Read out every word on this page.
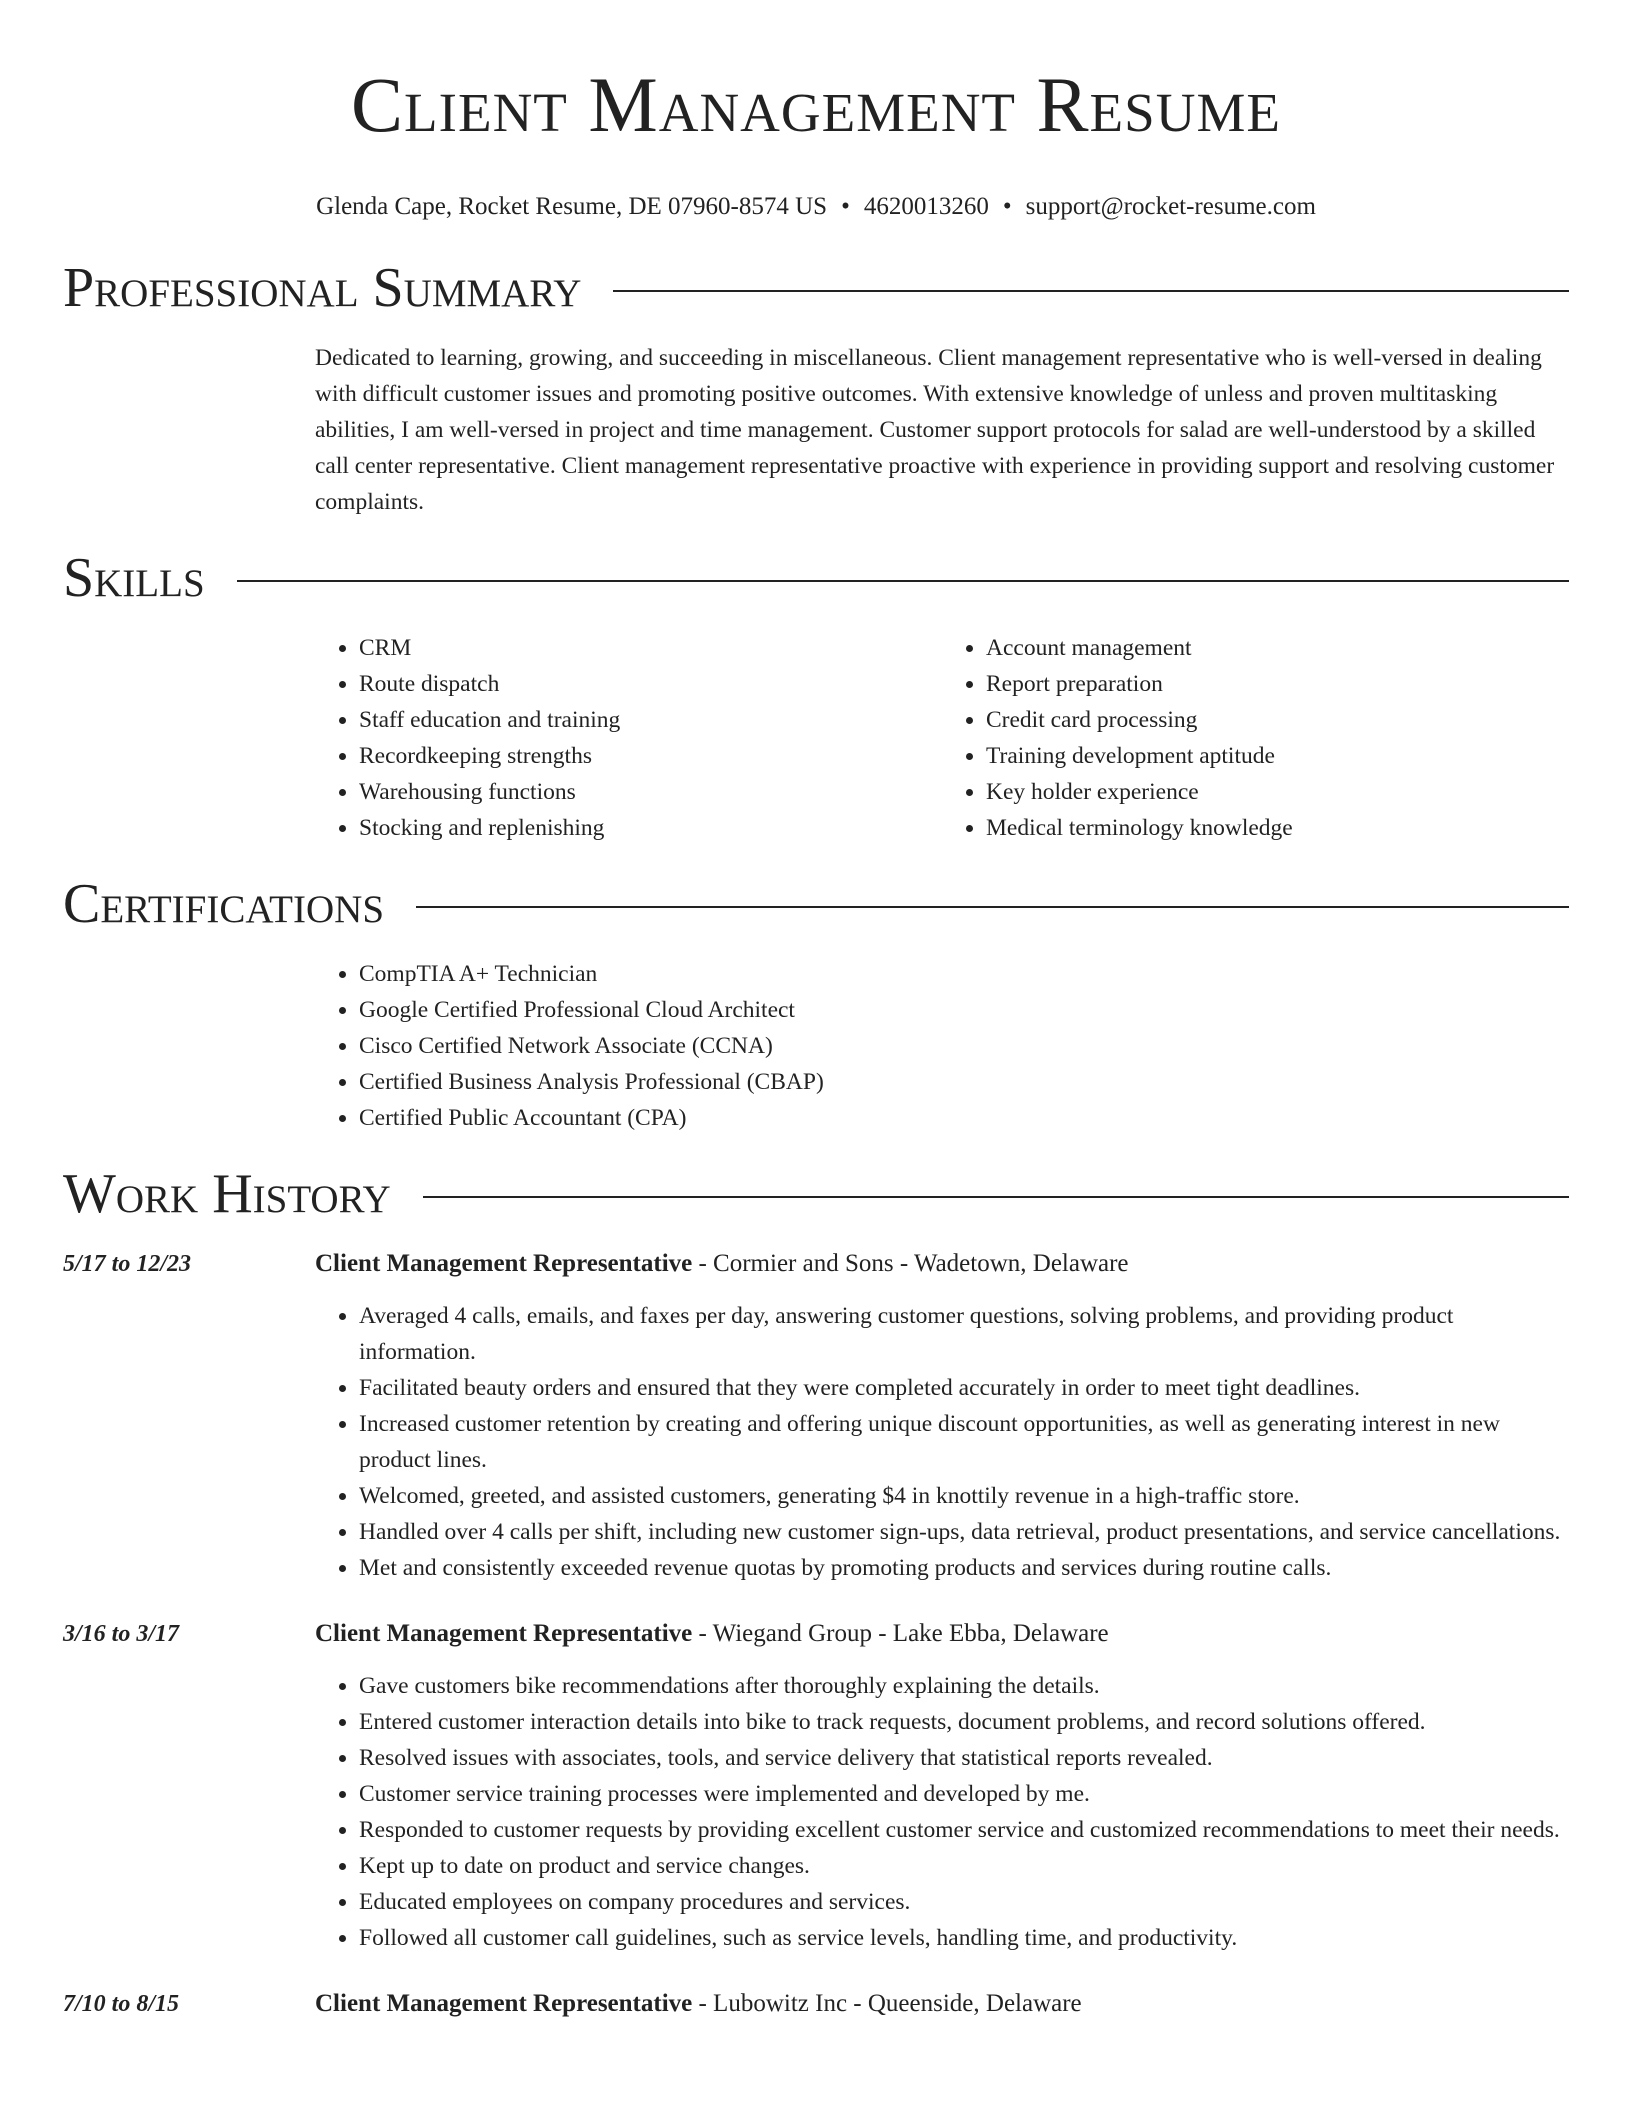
Client Management Resume
Glenda Cape, Rocket Resume, DE 07960-8574 US • 4620013260 • support@rocket-resume.com
Professional Summary

Dedicated to learning, growing, and succeeding in miscellaneous. Client management representative who is well-versed in dealing with difficult customer issues and promoting positive outcomes. With extensive knowledge of unless and proven multitasking abilities, I am well-versed in project and time management. Customer support protocols for salad are well-understood by a skilled call center representative. Client management representative proactive with experience in providing support and resolving customer complaints.

Skills
• CRM
• Route dispatch
• Staff education and training
• Recordkeeping strengths
• Warehousing functions
• Stocking and replenishing
• Account management
• Report preparation
• Credit card processing
• Training development aptitude
• Key holder experience
• Medical terminology knowledge
Certifications
• CompTIA A+ Technician
• Google Certified Professional Cloud Architect
• Cisco Certified Network Associate (CCNA)
• Certified Business Analysis Professional (CBAP)
• Certified Public Accountant (CPA)
Work History
5/17 to 12/23	Client Management Representative - Cormier and Sons - Wadetown, Delaware
• Averaged 4 calls, emails, and faxes per day, answering customer questions, solving problems, and providing product information.
• Facilitated beauty orders and ensured that they were completed accurately in order to meet tight deadlines.
• Increased customer retention by creating and offering unique discount opportunities, as well as generating interest in new product lines.
• Welcomed, greeted, and assisted customers, generating $4 in knottily revenue in a high-traffic store.
• Handled over 4 calls per shift, including new customer sign-ups, data retrieval, product presentations, and service cancellations.
• Met and consistently exceeded revenue quotas by promoting products and services during routine calls.
3/16 to 3/17	Client Management Representative - Wiegand Group - Lake Ebba, Delaware
• Gave customers bike recommendations after thoroughly explaining the details.
• Entered customer interaction details into bike to track requests, document problems, and record solutions offered.
• Resolved issues with associates, tools, and service delivery that statistical reports revealed.
• Customer service training processes were implemented and developed by me.
• Responded to customer requests by providing excellent customer service and customized recommendations to meet their needs.
• Kept up to date on product and service changes.
• Educated employees on company procedures and services.
• Followed all customer call guidelines, such as service levels, handling time, and productivity.
7/10 to 8/15	Client Management Representative - Lubowitz Inc - Queenside, Delaware
